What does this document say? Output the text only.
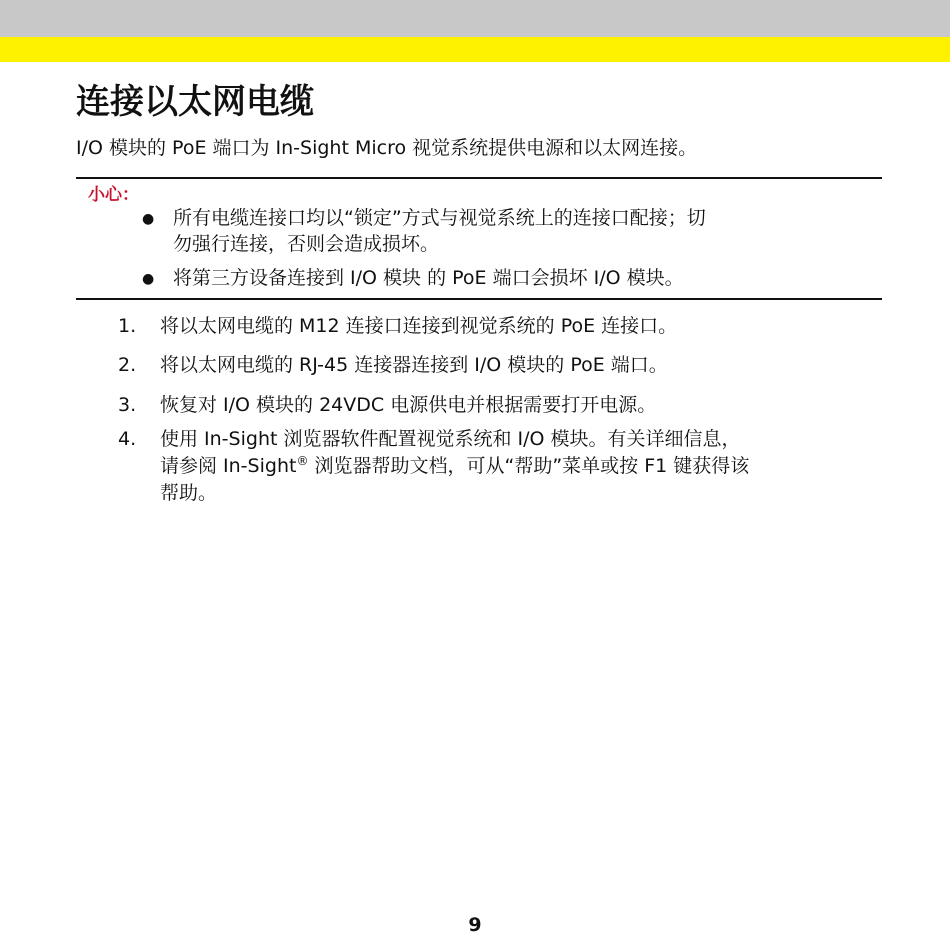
连接以太网电缆

I/O 模块的 PoE 端口为 In-Sight Micro 视觉系统提供电源和以太网连接。

小心：
● 所有电缆连接口均以“锁定”方式与视觉系统上的连接口配接；切

勿强行连接，否则会造成损坏。

● 将第三方设备连接到 I/O 模块 的 PoE 端口会损坏 I/O 模块。

1. 将以太网电缆的 M12 连接口连接到视觉系统的 PoE 连接口。

2. 将以太网电缆的 RJ-45 连接器连接到 I/O 模块的 PoE 端口。

3. 恢复对 I/O 模块的 24VDC 电源供电并根据需要打开电源。

4. 使用 In-Sight 浏览器软件配置视觉系统和 I/O 模块。有关详细信息，

请参阅 In-Sight® 浏览器帮助文档，可从“帮助”菜单或按 F1 键获得该

帮助。

9
